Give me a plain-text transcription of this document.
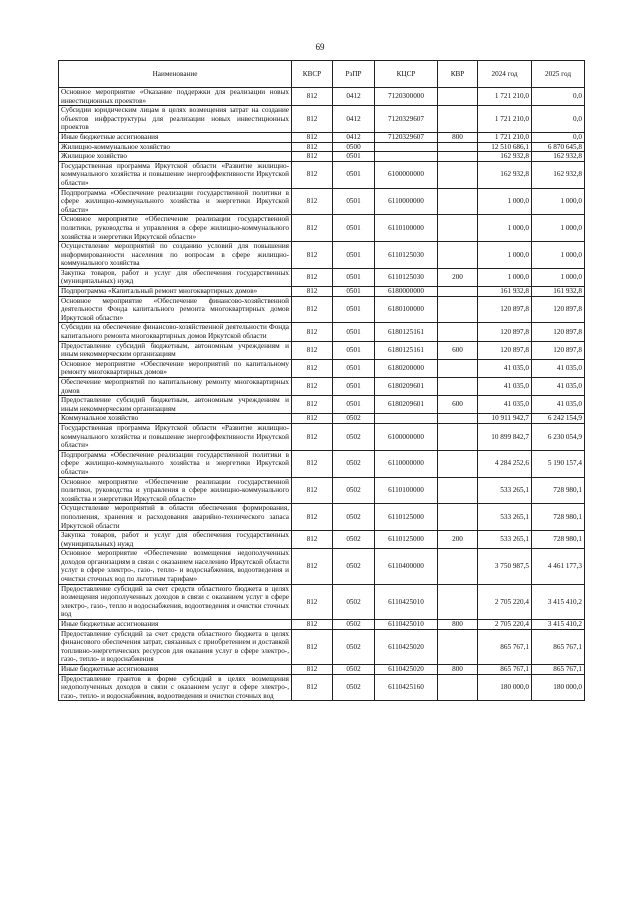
69
Наименование	КВСР	РзПР	КЦСР	КВР	2024 год	2025 год
Основное мероприятие «Оказание поддержки для реализации новых инвестиционных проектов»	812	0412	7120300000		1 721 210,0	0,0
Субсидии юридическим лицам в целях возмещения затрат на создание объектов инфраструктуры для реализации новых инвестиционных проектов	812	0412	7120329607		1 721 210,0	0,0
Иные бюджетные ассигнования	812	0412	7120329607	800	1 721 210,0	0,0
Жилищно-коммунальное хозяйство	812	0500			12 510 686,1	6 870 645,8
Жилищное хозяйство	812	0501			162 932,8	162 932,8
Государственная программа Иркутской области «Развитие жилищно-коммунального хозяйства и повышение энергоэффективности Иркутской области»	812	0501	6100000000		162 932,8	162 932,8
Подпрограмма «Обеспечение реализации государственной политики в сфере жилищно-коммунального хозяйства и энергетики Иркутской области»	812	0501	6110000000		1 000,0	1 000,0
Основное мероприятие «Обеспечение реализации государственной политики, руководства и управления в сфере жилищно-коммунального хозяйства и энергетики Иркутской области»	812	0501	6110100000		1 000,0	1 000,0
Осуществление мероприятий по созданию условий для повышения информированности населения по вопросам в сфере жилищно-коммунального хозяйства	812	0501	6110125030		1 000,0	1 000,0
Закупка товаров, работ и услуг для обеспечения государственных (муниципальных) нужд	812	0501	6110125030	200	1 000,0	1 000,0
Подпрограмма «Капитальный ремонт многоквартирных домов»	812	0501	6180000000		161 932,8	161 932,8
Основное мероприятие «Обеспечение финансово-хозяйственной деятельности Фонда капитального ремонта многоквартирных домов Иркутской области»	812	0501	6180100000		120 897,8	120 897,8
Субсидии на обеспечение финансово-хозяйственной деятельности Фонда капитального ремонта многоквартирных домов Иркутской области	812	0501	6180125161		120 897,8	120 897,8
Предоставление субсидий бюджетным, автономным учреждениям и иным некоммерческим организациям	812	0501	6180125161	600	120 897,8	120 897,8
Основное мероприятие «Обеспечение мероприятий по капитальному ремонту многоквартирных домов»	812	0501	6180200000		41 035,0	41 035,0
Обеспечение мероприятий по капитальному ремонту многоквартирных домов	812	0501	6180209601		41 035,0	41 035,0
Предоставление субсидий бюджетным, автономным учреждениям и иным некоммерческим организациям	812	0501	6180209601	600	41 035,0	41 035,0
Коммунальное хозяйство	812	0502			10 911 942,7	6 242 154,9
Государственная программа Иркутской области «Развитие жилищно-коммунального хозяйства и повышение энергоэффективности Иркутской области»	812	0502	6100000000		10 899 842,7	6 230 054,9
Подпрограмма «Обеспечение реализации государственной политики в сфере жилищно-коммунального хозяйства и энергетики Иркутской области»	812	0502	6110000000		4 284 252,6	5 190 157,4
Основное мероприятие «Обеспечение реализации государственной политики, руководства и управления в сфере жилищно-коммунального хозяйства и энергетики Иркутской области»	812	0502	6110100000		533 265,1	728 980,1
Осуществление мероприятий в области обеспечения формирования, пополнения, хранения и расходования аварийно-технического запаса Иркутской области	812	0502	6110125000		533 265,1	728 980,1
Закупка товаров, работ и услуг для обеспечения государственных (муниципальных) нужд	812	0502	6110125000	200	533 265,1	728 980,1
Основное мероприятие «Обеспечение возмещения недополученных доходов организациям в связи с оказанием населению Иркутской области услуг в сфере электро-, газо-, тепло- и водоснабжения, водоотведения и очистки сточных вод по льготным тарифам»	812	0502	6110400000		3 750 987,5	4 461 177,3
Предоставление субсидий за счет средств областного бюджета в целях возмещения недополученных доходов в связи с оказанием услуг в сфере электро-, газо-, тепло и водоснабжения, водоотведения и очистки сточных вод	812	0502	6110425010		2 705 220,4	3 415 410,2
Иные бюджетные ассигнования	812	0502	6110425010	800	2 705 220,4	3 415 410,2
Предоставление субсидий за счет средств областного бюджета в целях финансового обеспечения затрат, связанных с приобретением и доставкой топливно-энергетических ресурсов для оказания услуг в сфере электро-, газо-, тепло- и водоснабжения	812	0502	6110425020		865 767,1	865 767,1
Иные бюджетные ассигнования	812	0502	6110425020	800	865 767,1	865 767,1
Предоставление грантов в форме субсидий в целях возмещения недополученных доходов в связи с оказанием услуг в сфере электро-, газо-, тепло- и водоснабжения, водоотведения и очистки сточных вод	812	0502	6110425160		180 000,0	180 000,0
